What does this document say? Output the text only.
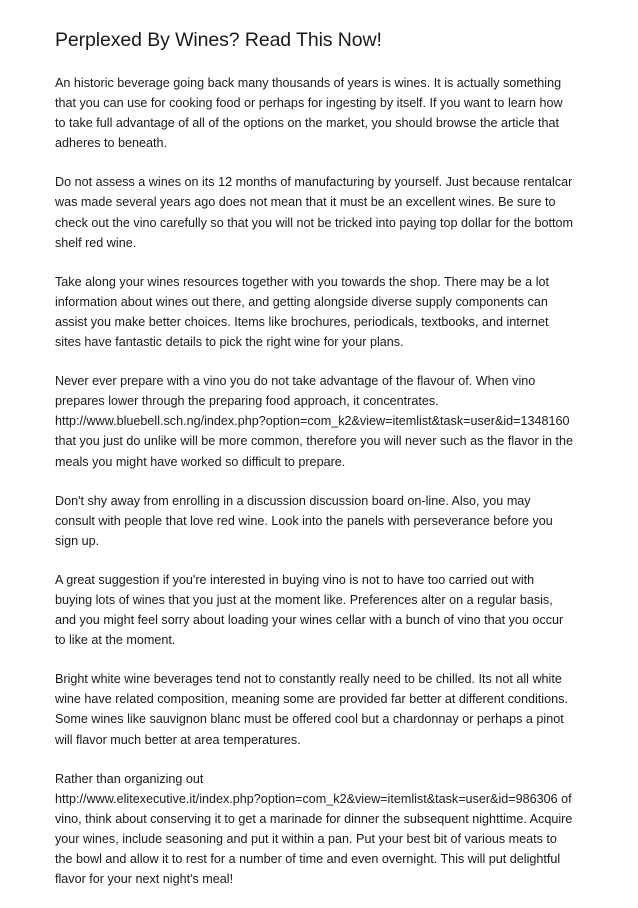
Perplexed By Wines? Read This Now!

An historic beverage going back many thousands of years is wines. It is actually something
that you can use for cooking food or perhaps for ingesting by itself. If you want to learn how
to take full advantage of all of the options on the market, you should browse the article that
adheres to beneath.

Do not assess a wines on its 12 months of manufacturing by yourself. Just because rentalcar
was made several years ago does not mean that it must be an excellent wines. Be sure to
check out the vino carefully so that you will not be tricked into paying top dollar for the bottom
shelf red wine.

Take along your wines resources together with you towards the shop. There may be a lot
information about wines out there, and getting alongside diverse supply components can
assist you make better choices. Items like brochures, periodicals, textbooks, and internet
sites have fantastic details to pick the right wine for your plans.

Never ever prepare with a vino you do not take advantage of the flavour of. When vino
prepares lower through the preparing food approach, it concentrates.
http://www.bluebell.sch.ng/index.php?option=com_k2&view=itemlist&task=user&id=1348160
that you just do unlike will be more common, therefore you will never such as the flavor in the
meals you might have worked so difficult to prepare.

Don't shy away from enrolling in a discussion discussion board on-line. Also, you may
consult with people that love red wine. Look into the panels with perseverance before you
sign up.

A great suggestion if you're interested in buying vino is not to have too carried out with
buying lots of wines that you just at the moment like. Preferences alter on a regular basis,
and you might feel sorry about loading your wines cellar with a bunch of vino that you occur
to like at the moment.

Bright white wine beverages tend not to constantly really need to be chilled. Its not all white
wine have related composition, meaning some are provided far better at different conditions.
Some wines like sauvignon blanc must be offered cool but a chardonnay or perhaps a pinot
will flavor much better at area temperatures.

Rather than organizing out
http://www.elitexecutive.it/index.php?option=com_k2&view=itemlist&task=user&id=986306 of
vino, think about conserving it to get a marinade for dinner the subsequent nighttime. Acquire
your wines, include seasoning and put it within a pan. Put your best bit of various meats to
the bowl and allow it to rest for a number of time and even overnight. This will put delightful
flavor for your next night's meal!
